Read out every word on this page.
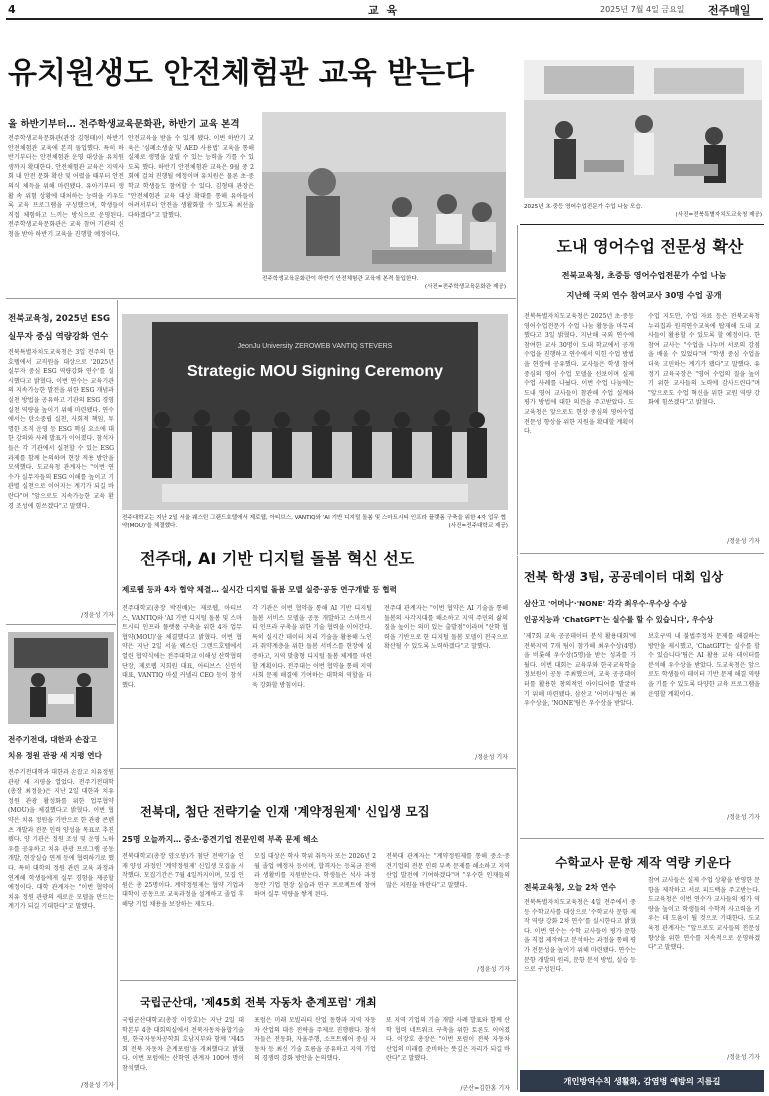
4	교 육	2025년 7월 4일 금요일 전주매일
유치원생도 안전체험관 교육 받는다
올 하반기부터… 전주학생교육문화관, 하반기 교육 본격
전주학생교육문화관(관장 김형태)이 하반기 안전체험관 교육에 본격 돌입했다. 특히 하반기부터는 안전체험관 운영 대상을 유치원생까지 확대한다. 안전체험관 교육은 지역사회 내 안전 문화 확산 및 어렸을 때부터 안전 의식 체득을 위해 마련됐다. 유아기부터 생활 속 위험 상황에 대처하는 능력을 키우도록 교육 프로그램을 구성했으며, 학생들이 직접 체험하고 느끼는 방식으로 운영된다. 전주학생교육문화관은 교육 참여 기관의 신청을 받아 하반기 교육을 진행할 예정이다.
안전교육을 받을 수 있게 됐다. 이번 하반기 교육은 '심폐소생술 및 AED 사용법' 교육을 통해 실제로 생명을 살릴 수 있는 능력을 기를 수 있도록 했다. 하반기 안전체험관 교육은 9월 중 2회에 걸쳐 진행될 예정이며 유치원은 물론 초·중학교 학생들도 참여할 수 있다. 김형태 관장은 "안전체험관 교육 대상 확대를 통해 유아들이 어려서부터 안전을 생활화할 수 있도록 최선을 다하겠다"고 말했다.
전주학생교육문화관이 하반기 안전체험관 교육에 본격 돌입한다.
(사진=전주학생교육문화관 제공)
2025년 초·중등 영어수업전문가 수업 나눔 모습.
(사진=전북특별자치도교육청 제공)
도내 영어수업 전문성 확산
전북교육청, 초중등 영어수업전문가 수업 나눔
지난해 국외 연수 참여교사 30명 수업 공개
전북특별자치도교육청은 2025년 초·중등 영어수업전문가 수업 나눔 활동을 마무리했다고 3일 밝혔다. 지난해 국외 연수에 참여한 교사 30명이 도내 학교에서 공개수업을 진행하고 연수에서 익힌 수업 방법을 현장에 공유했다. 교사들은 학생 참여 중심의 영어 수업 모델을 선보이며 실제 수업 사례를 나눴다. 이번 수업 나눔에는 도내 영어 교사들이 참관해 수업 설계와 평가 방법에 대한 의견을 주고받았다. 도교육청은 앞으로도 현장 중심의 영어수업 전문성 향상을 위한 지원을 확대할 계획이다.
수업 지도안, 수업 자료 등은 전북교육청 누리집과 원격연수교육에 탑재해 도내 교사들이 활용할 수 있도록 할 예정이다. 한 참여 교사는 "수업을 나누며 서로의 강점을 배울 수 있었다"며 "학생 중심 수업을 더욱 고민하는 계기가 됐다"고 말했다. 유정기 교육국장은 "영어 수업의 질을 높이기 위한 교사들의 노력에 감사드린다"며 "앞으로도 수업 혁신을 위한 교원 역량 강화에 힘쓰겠다"고 밝혔다.
/정윤성 기자
전북교육청, 2025년 ESG
실무자 중심 역량강화 연수
전북특별자치도교육청은 3일 전주의 한 호텔에서 교직원을 대상으로 '2025년 실무자 중심 ESG 역량강화 연수'를 실시했다고 밝혔다. 이번 연수는 교육기관의 지속가능한 발전을 위한 ESG 개념과 실천 방법을 공유하고 기관의 ESG 경영 실천 역량을 높이기 위해 마련됐다. 연수에서는 탄소중립 실천, 사회적 책임, 투명한 조직 운영 등 ESG 핵심 요소에 대한 강의와 사례 발표가 이어졌다. 참석자들은 각 기관에서 실천할 수 있는 ESG 과제를 함께 논의하며 현장 적용 방안을 모색했다. 도교육청 관계자는 "이번 연수가 실무자들의 ESG 이해를 높이고 기관별 실천으로 이어지는 계기가 되길 바란다"며 "앞으로도 지속가능한 교육 환경 조성에 힘쓰겠다"고 말했다.
/정윤성 기자
JeonJu University ZEROWEB VANTIQ STEVERS
Strategic MOU Signing Ceremony
전주대학교는 지난 2일 서울 웨스틴 그랜드호텔에서 제로웹, 아티브스, VANTIQ와 'AI 기반 디지털 돌봄 및 스마트시티 인프라 플랫폼 구축을 위한 4자 업무 협약(MOU)'을 체결했다.	(사진=전주대학교 제공)
전주대, AI 기반 디지털 돌봄 혁신 선도
제로웹 등과 4자 협약 체결… 실시간 디지털 돌봄 모델 실증·공동 연구개발 등 협력
전주대학교(총장 박진배)는 제로웹, 아티브스, VANTIQ와 'AI 기반 디지털 돌봄 및 스마트시티 인프라 플랫폼 구축을 위한 4자 업무 협약(MOU)'을 체결했다고 밝혔다. 이번 협약은 지난 2일 서울 웨스틴 그랜드호텔에서 열린 협약식에는 전주대학교 이해성 산학협력단장, 제로웹 지희원 대표, 아티브스 신인석 대표, VANTIQ 마셜 커넬리 CEO 등이 참석했다.
각 기관은 이번 협약을 통해 AI 기반 디지털 돌봄 서비스 모델을 공동 개발하고 스마트시티 인프라 구축을 위한 기술 협력을 이어간다. 특히 실시간 데이터 처리 기술을 활용해 노인과 취약계층을 위한 돌봄 서비스를 현장에 실증하고, 지역 맞춤형 디지털 돌봄 체계를 마련할 계획이다. 전주대는 이번 협약을 통해 지역사회 문제 해결에 기여하는 대학의 역할을 더욱 강화할 방침이다.
전주대 관계자는 "이번 협약은 AI 기술을 통해 돌봄의 사각지대를 해소하고 지역 주민의 삶의 질을 높이는 의미 있는 출발점"이라며 "산학 협력을 기반으로 한 디지털 돌봄 모델이 전국으로 확산될 수 있도록 노력하겠다"고 말했다.
/정윤성 기자
전주기전대, 대한과 손잡고
치유 정원 관광 새 지평 연다
전주기전대학과 대한과 손잡고 치유정원 관광 새 지평을 열었다. 전주기전대학(총장 최정윤)은 지난 2일 대한과 치유 정원 관광 활성화를 위한 업무협약(MOU)을 체결했다고 밝혔다. 이번 협약은 치유 정원을 기반으로 한 관광 콘텐츠 개발과 전문 인력 양성을 목표로 추진됐다. 양 기관은 정원 조성 및 운영 노하우를 공유하고 치유 관광 프로그램 공동 개발, 현장실습 연계 등에 협력하기로 했다. 특히 대학의 정원 관련 교육 과정과 연계해 학생들에게 실무 경험을 제공할 예정이다. 대학 관계자는 "이번 협약이 치유 정원 관광의 새로운 모델을 만드는 계기가 되길 기대한다"고 말했다.
/정윤성 기자
전북대, 첨단 전략기술 인재 '계약정원제' 신입생 모집
25명 오늘까지… 중소·중견기업 전문인력 부족 문제 해소
전북대학교(총장 양오봉)가 첨단 전략기술 인재 양성 과정인 '계약정원제' 신입생 모집을 시작했다. 모집기간은 7월 4일까지이며, 모집 인원은 총 25명이다. 계약정원제는 협약 기업과 대학이 공동으로 교육과정을 설계하고 졸업 후 해당 기업 채용을 보장하는 제도다.
모집 대상은 학사 학위 취득자 또는 2026년 2월 졸업 예정자 등이며, 합격자는 등록금 전액과 생활비를 지원받는다. 학생들은 석사 과정 동안 기업 현장 실습과 연구 프로젝트에 참여하며 실무 역량을 쌓게 된다.
전북대 관계자는 "계약정원제를 통해 중소·중견기업의 전문 인력 부족 문제를 해소하고 지역 산업 발전에 기여하겠다"며 "우수한 인재들의 많은 지원을 바란다"고 말했다.
/정윤성 기자
국립군산대, '제45회 전북 자동차 춘계포럼' 개최
국립군산대학교(총장 이장호)는 지난 2일 대학본부 4층 대회의실에서 전북자동차융합기술원, 한국자동차공학회 호남지부와 함께 '제45회 전북 자동차 춘계포럼'을 개최했다고 밝혔다. 이번 포럼에는 산학연 관계자 100여 명이 참석했다.
포럼은 미래 모빌리티 산업 동향과 지역 자동차 산업의 대응 전략을 주제로 진행됐다. 참석자들은 전동화, 자율주행, 소프트웨어 중심 자동차 등 최신 기술 흐름을 공유하고 지역 기업의 경쟁력 강화 방안을 논의했다.
또 지역 기업의 기술 개발 사례 발표와 함께 산학 협력 네트워크 구축을 위한 토론도 이어졌다. 이장호 총장은 "이번 포럼이 전북 자동차 산업의 미래를 준비하는 뜻깊은 자리가 되길 바란다"고 말했다.
/군산=김한홍 기자
전북 학생 3팀, 공공데이터 대회 입상
삼산고 '어머나'·'NONE' 각각 최우수·우수상 수상
인공지능과 'ChatGPT'는 실수를 할 수 있습니다', 우수상
'제7회 교육 공공데이터 분석 활용대회'에 전북지역 7개 팀이 참가해 최우수상(4명)을 비롯해 우수상(5명)을 받는 성과를 거뒀다. 이번 대회는 교육부와 한국교육학술정보원이 공동 주최했으며, 교육 공공데이터를 활용한 창의적인 아이디어를 발굴하기 위해 마련됐다. 삼산고 '어머나'팀은 최우수상을, 'NONE'팀은 우수상을 받았다.
보호구역 내 불법주정차 문제를 해결하는 방안을 제시했고, 'ChatGPT는 실수를 할 수 있습니다'팀은 AI 활용 교육 데이터를 분석해 우수상을 받았다. 도교육청은 앞으로도 학생들이 데이터 기반 문제 해결 역량을 기를 수 있도록 다양한 교육 프로그램을 운영할 계획이다.
/정윤성 기자
수학교사 문항 제작 역량 키운다
전북교육청, 오늘 2차 연수
전북특별자치도교육청은 4일 전주에서 중등 수학교사를 대상으로 '수학교사 문항 제작 역량 강화 2차 연수'를 실시한다고 밝혔다. 이번 연수는 수학 교사들이 평가 문항을 직접 제작하고 분석하는 과정을 통해 평가 전문성을 높이기 위해 마련됐다. 연수는 문항 개발의 원리, 문항 분석 방법, 실습 등으로 구성된다.
참여 교사들은 실제 수업 상황을 반영한 문항을 제작하고 서로 피드백을 주고받는다. 도교육청은 이번 연수가 교사들의 평가 역량을 높이고 학생들의 수학적 사고력을 키우는 데 도움이 될 것으로 기대한다. 도교육청 관계자는 "앞으로도 교사들의 전문성 향상을 위한 연수를 지속적으로 운영하겠다"고 말했다.
/정윤성 기자
개인방역수칙 생활화, 감염병 예방의 지름길
